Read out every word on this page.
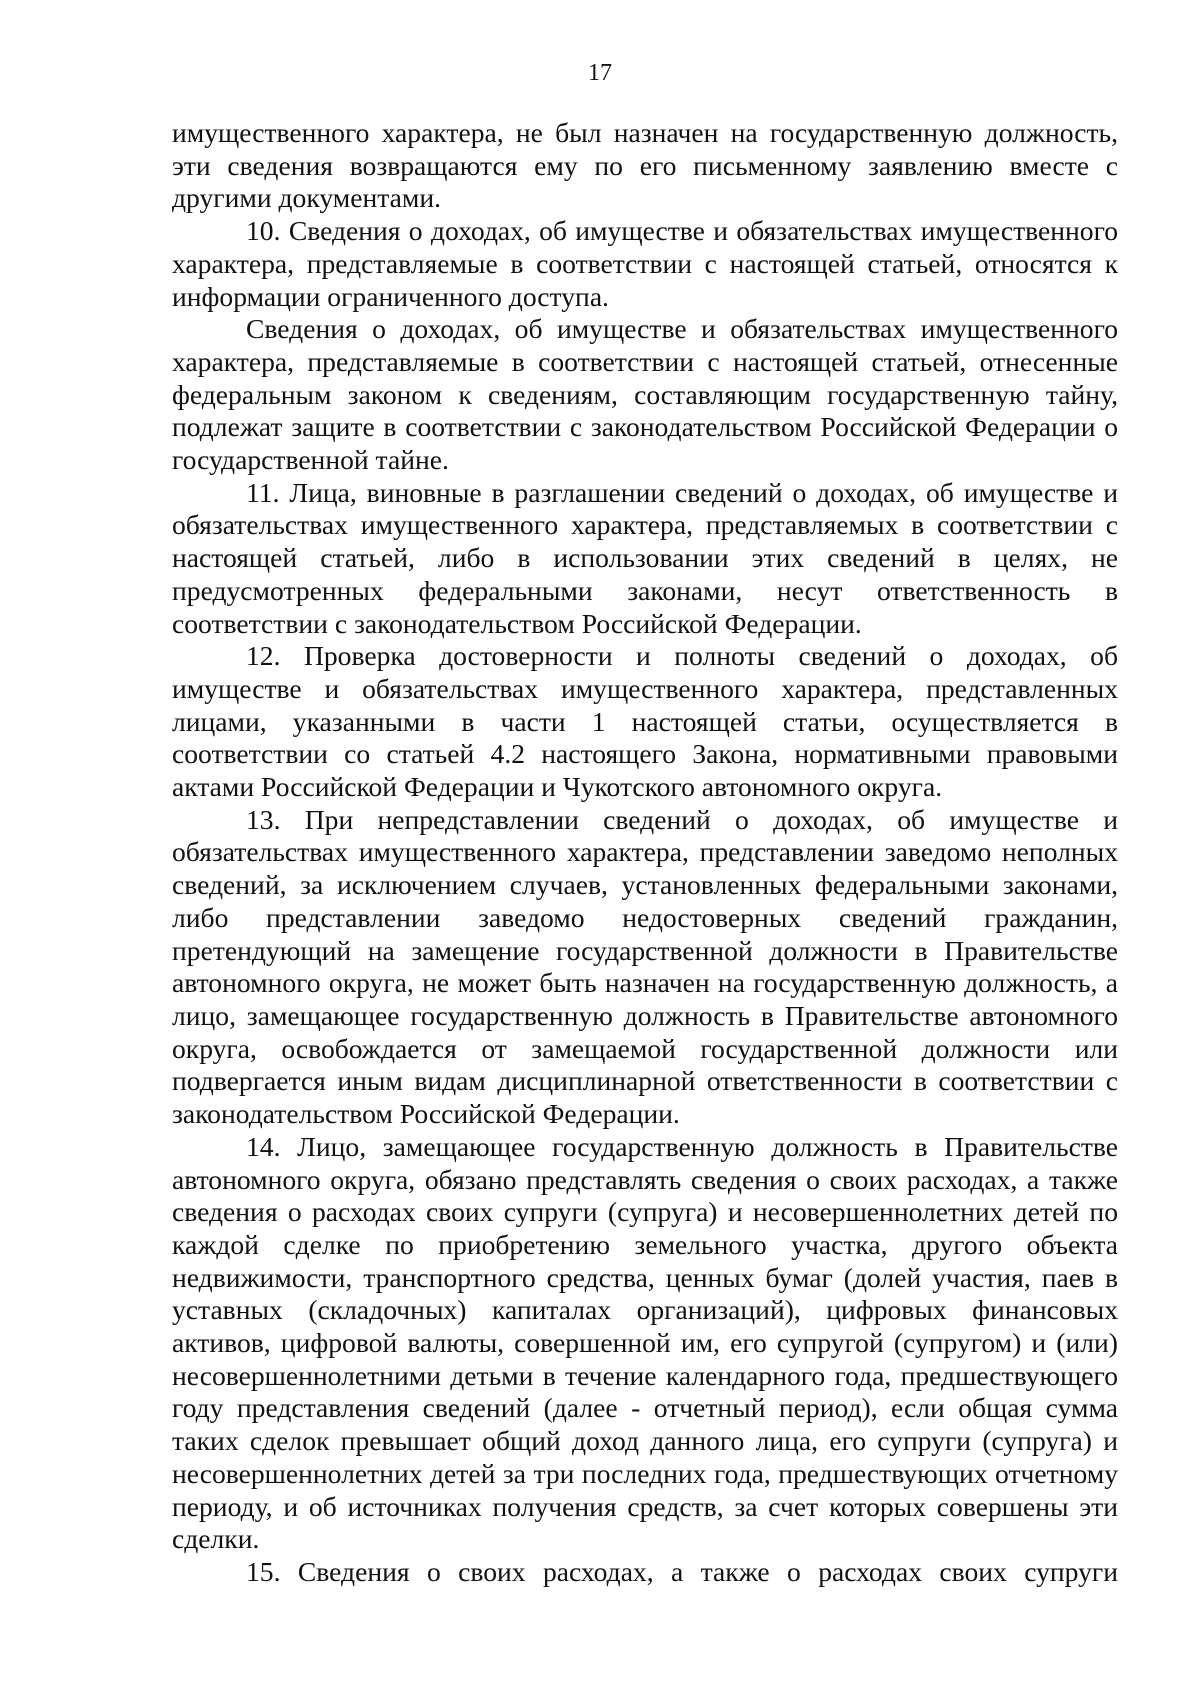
17

имущественного характера, не был назначен на государственную должность, эти сведения возвращаются ему по его письменному заявлению вместе с другими документами.

10. Сведения о доходах, об имуществе и обязательствах имущественного характера, представляемые в соответствии с настоящей статьей, относятся к информации ограниченного доступа.

Сведения о доходах, об имуществе и обязательствах имущественного характера, представляемые в соответствии с настоящей статьей, отнесенные федеральным законом к сведениям, составляющим государственную тайну, подлежат защите в соответствии с законодательством Российской Федерации о государственной тайне.

11. Лица, виновные в разглашении сведений о доходах, об имуществе и обязательствах имущественного характера, представляемых в соответствии с настоящей статьей, либо в использовании этих сведений в целях, не предусмотренных федеральными законами, несут ответственность в соответствии с законодательством Российской Федерации.

12. Проверка достоверности и полноты сведений о доходах, об имуществе и обязательствах имущественного характера, представленных лицами, указанными в части 1 настоящей статьи, осуществляется в соответствии со статьей 4.2 настоящего Закона, нормативными правовыми актами Российской Федерации и Чукотского автономного округа.

13. При непредставлении сведений о доходах, об имуществе и обязательствах имущественного характера, представлении заведомо неполных сведений, за исключением случаев, установленных федеральными законами, либо представлении заведомо недостоверных сведений гражданин, претендующий на замещение государственной должности в Правительстве автономного округа, не может быть назначен на государственную должность, а лицо, замещающее государственную должность в Правительстве автономного округа, освобождается от замещаемой государственной должности или подвергается иным видам дисциплинарной ответственности в соответствии с законодательством Российской Федерации.

14. Лицо, замещающее государственную должность в Правительстве автономного округа, обязано представлять сведения о своих расходах, а также сведения о расходах своих супруги (супруга) и несовершеннолетних детей по каждой сделке по приобретению земельного участка, другого объекта недвижимости, транспортного средства, ценных бумаг (долей участия, паев в уставных (складочных) капиталах организаций), цифровых финансовых активов, цифровой валюты, совершенной им, его супругой (супругом) и (или) несовершеннолетними детьми в течение календарного года, предшествующего году представления сведений (далее - отчетный период), если общая сумма таких сделок превышает общий доход данного лица, его супруги (супруга) и несовершеннолетних детей за три последних года, предшествующих отчетному периоду, и об источниках получения средств, за счет которых совершены эти сделки.

15. Сведения о своих расходах, а также о расходах своих супруги
